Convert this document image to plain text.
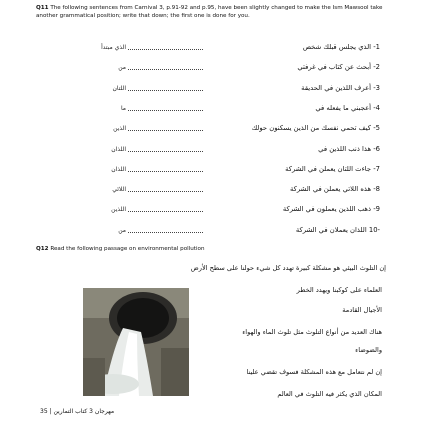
Q11 The following sentences from Carnival 3, p.91-92 and p.95, have been slightly changed to make the Ism Mawsool take another grammatical position; write that down; the first one is done for you.
الذي مبتدأ	-1 الذي يجلس قبلك شخص
من	-2 أبحث عن كتاب في غرفتي
اللتان	-3 أعرف اللذين في الحديقة
ما	-4 أعجبني ما يفعله في
الذين	-5 كيف تحمي نفسك من الذين يسكنون حولك
اللذان	-6 هذا ذنب اللذين في
اللذان	-7 جاءت اللتان يعملن في الشركة
اللائي	-8 هذه اللاتي يعملن في الشركة
اللذين	-9 ذهب اللذين يعملون في الشركة
من	10- اللذان يعملان في الشركة
Q12 Read the following passage on environmental pollution
إن التلوث البيئي هو مشكلة كبيرة تهدد كل شيء حولنا على سطح الأرض
العلماء على كوكبنا ويهدد الخطر
الأجيال القادمة
هناك العديد من أنواع التلوث مثل تلوث الماء والهواء
والضوضاء
إن لم نتعامل مع هذه المشكلة فسوف تقضي علينا
المكان الذي يكثر فيه التلوث في العالم
مهرجان 3 كتاب التمارين | 35
